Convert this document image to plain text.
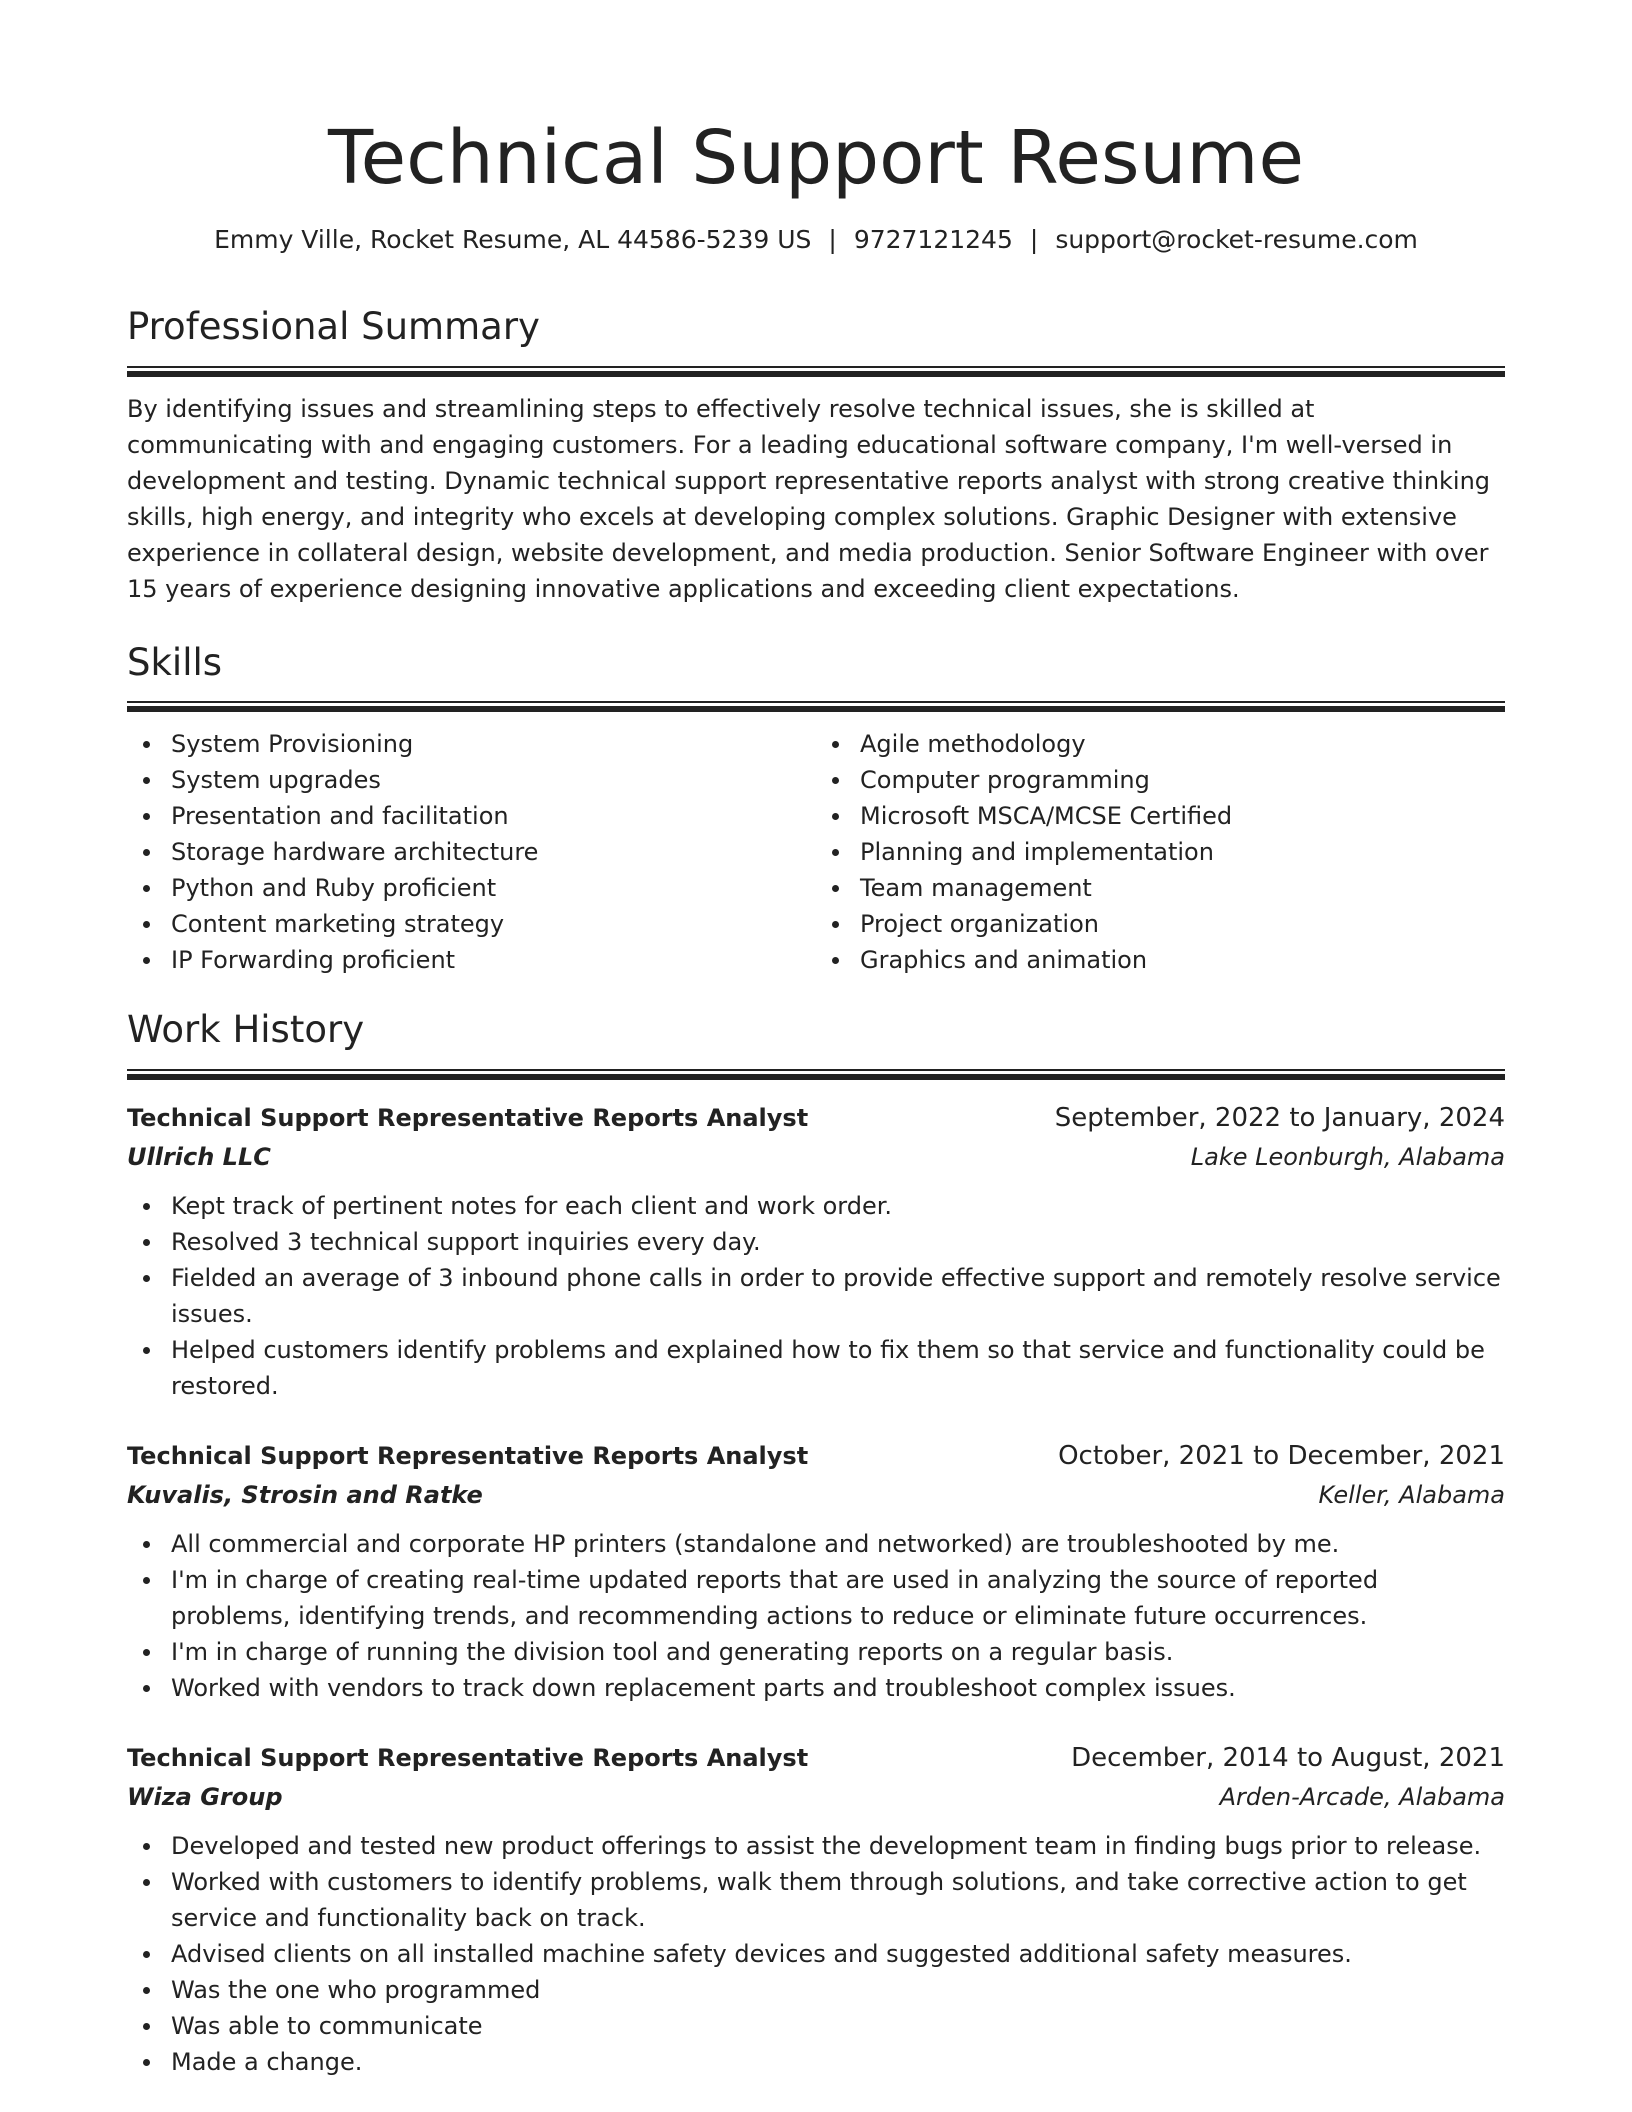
Technical Support Resume
Emmy Ville, Rocket Resume, AL 44586-5239 US | 9727121245 | support@rocket-resume.com
Professional Summary

By identifying issues and streamlining steps to effectively resolve technical issues, she is skilled at communicating with and engaging customers. For a leading educational software company, I'm well-versed in development and testing. Dynamic technical support representative reports analyst with strong creative thinking skills, high energy, and integrity who excels at developing complex solutions. Graphic Designer with extensive experience in collateral design, website development, and media production. Senior Software Engineer with over 15 years of experience designing innovative applications and exceeding client expectations.

Skills
System Provisioning
System upgrades
Presentation and facilitation
Storage hardware architecture
Python and Ruby proficient
Content marketing strategy
IP Forwarding proficient
Agile methodology
Computer programming
Microsoft MSCA/MCSE Certified
Planning and implementation
Team management
Project organization
Graphics and animation
Work History
Technical Support Representative Reports Analyst	September, 2022 to January, 2024
Ullrich LLC	Lake Leonburgh, Alabama
Kept track of pertinent notes for each client and work order.
Resolved 3 technical support inquiries every day.
Fielded an average of 3 inbound phone calls in order to provide effective support and remotely resolve service issues.
Helped customers identify problems and explained how to fix them so that service and functionality could be restored.
Technical Support Representative Reports Analyst	October, 2021 to December, 2021
Kuvalis, Strosin and Ratke	Keller, Alabama
All commercial and corporate HP printers (standalone and networked) are troubleshooted by me.
I'm in charge of creating real-time updated reports that are used in analyzing the source of reported problems, identifying trends, and recommending actions to reduce or eliminate future occurrences.
I'm in charge of running the division tool and generating reports on a regular basis.
Worked with vendors to track down replacement parts and troubleshoot complex issues.
Technical Support Representative Reports Analyst	December, 2014 to August, 2021
Wiza Group	Arden-Arcade, Alabama
Developed and tested new product offerings to assist the development team in finding bugs prior to release.
Worked with customers to identify problems, walk them through solutions, and take corrective action to get service and functionality back on track.
Advised clients on all installed machine safety devices and suggested additional safety measures.
Was the one who programmed
Was able to communicate
Made a change.
